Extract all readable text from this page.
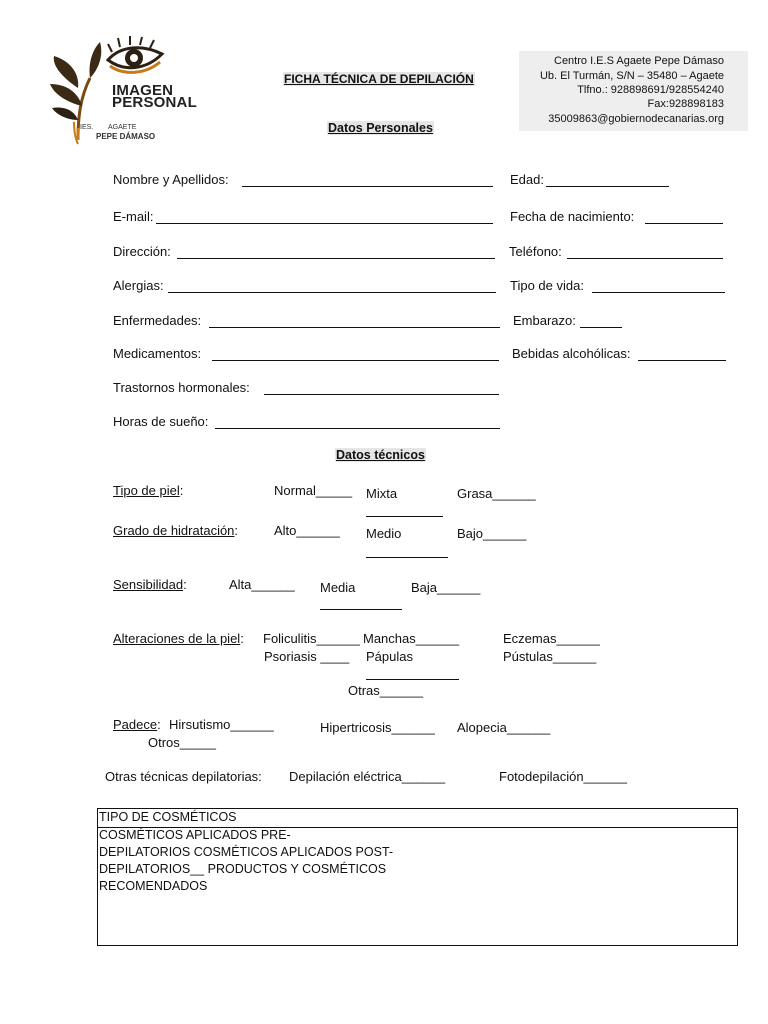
IMAGEN
PERSONAL
IES. AGAETE
PEPE DÁMASO
FICHA TÉCNICA DE DEPILACIÓN
Datos Personales
Centro I.E.S Agaete Pepe Dámaso
Ub. El Turmán, S/N – 35480 – Agaete
Tlfno.: 928898691/928554240
Fax:928898183
35009863@gobiernodecanarias.org
Nombre y Apellidos:	Edad:
E-mail:	Fecha de nacimiento:
Dirección:	Teléfono:
Alergias:	Tipo de vida:
Enfermedades:	Embarazo:
Medicamentos:	Bebidas alcohólicas:
Trastornos hormonales:
Horas de sueño:
Datos técnicos
Tipo de piel:	Normal_____ Mixta	Grasa______
Grado de hidratación:	Alto______ Medio	Bajo______
Sensibilidad:	Alta______ Media	Baja______
Alteraciones de la piel: Foliculitis______ Manchas______	Eczemas______
Psoriasis ____ Pápulas	Pústulas______
Otras______
Padece: Hirsutismo______	Hipertricosis______ Alopecia______
Otros_____
Otras técnicas depilatorias: Depilación eléctrica______	Fotodepilación______
TIPO DE COSMÉTICOS
COSMÉTICOS APLICADOS PRE-
DEPILATORIOS COSMÉTICOS APLICADOS POST-
DEPILATORIOS__ PRODUCTOS Y COSMÉTICOS
RECOMENDADOS
